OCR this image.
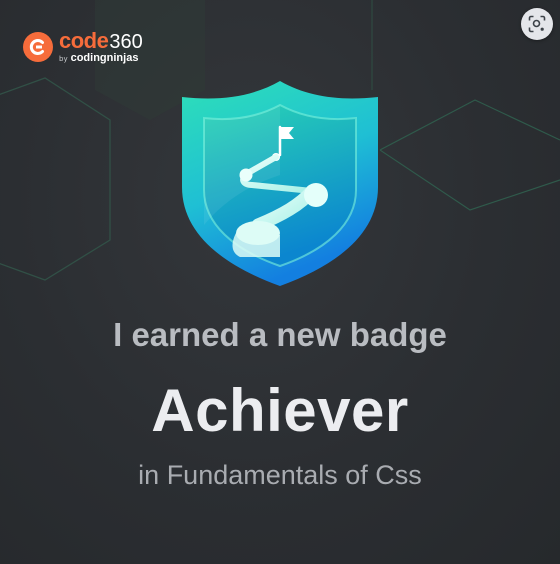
code 360
by codingninjas
I earned a new badge
Achiever
in Fundamentals of Css
